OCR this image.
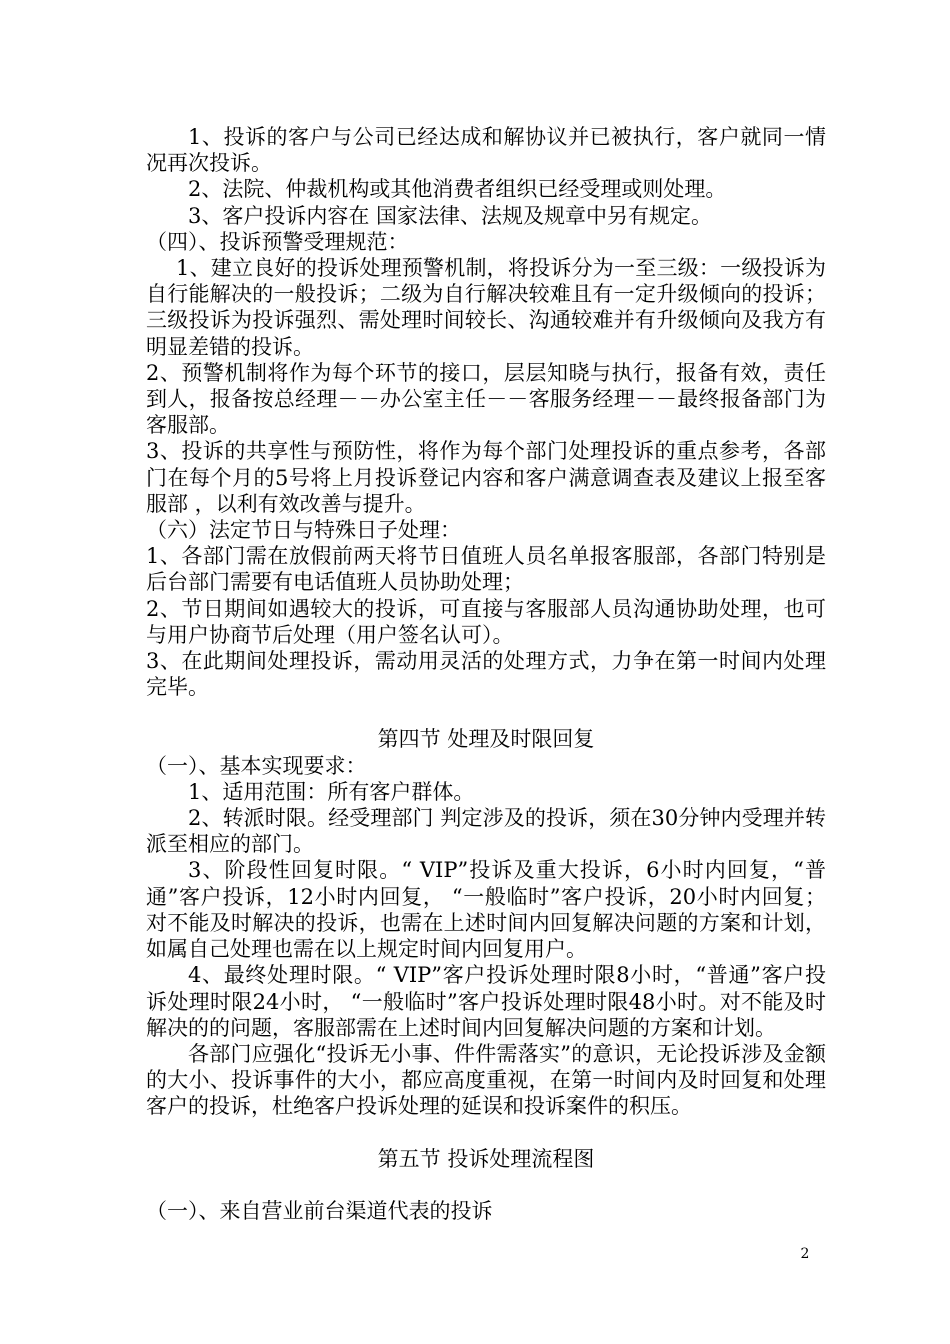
1、投诉的客户与公司已经达成和解协议并已被执行，客户就同一情况再次投诉。

2、法院、仲裁机构或其他消费者组织已经受理或则处理。

3、客户投诉内容在 国家法律、法规及规章中另有规定。

（四）、投诉预警受理规范：

1、建立良好的投诉处理预警机制，将投诉分为一至三级：一级投诉为自行能解决的一般投诉；二级为自行解决较难且有一定升级倾向的投诉；三级投诉为投诉强烈、需处理时间较长、沟通较难并有升级倾向及我方有明显差错的投诉。

2、预警机制将作为每个环节的接口，层层知晓与执行，报备有效，责任到人，报备按总经理－－办公室主任－－客服务经理－－最终报备部门为客服部。

3、投诉的共享性与预防性，将作为每个部门处理投诉的重点参考，各部门在每个月的5号将上月投诉登记内容和客户满意调查表及建议上报至客服部 ，以利有效改善与提升。

（六）法定节日与特殊日子处理：

1、各部门需在放假前两天将节日值班人员名单报客服部，各部门特别是后台部门需要有电话值班人员协助处理；

2、节日期间如遇较大的投诉，可直接与客服部人员沟通协助处理，也可与用户协商节后处理（用户签名认可）。

3、在此期间处理投诉，需动用灵活的处理方式，力争在第一时间内处理完毕。

第四节 处理及时限回复

（一）、基本实现要求：

1、适用范围：所有客户群体。

2、转派时限。经受理部门 判定涉及的投诉，须在30分钟内受理并转派至相应的部门。

3、阶段性回复时限。“ VIP”投诉及重大投诉，6小时内回复，“普通”客户投诉，12小时内回复， “一般临时”客户投诉，20小时内回复；对不能及时解决的投诉，也需在上述时间内回复解决问题的方案和计划，如属自己处理也需在以上规定时间内回复用户。

4、最终处理时限。“ VIP”客户投诉处理时限8小时，“普通”客户投诉处理时限24小时， “一般临时”客户投诉处理时限48小时。对不能及时解决的的问题，客服部需在上述时间内回复解决问题的方案和计划。

各部门应强化“投诉无小事、件件需落实”的意识，无论投诉涉及金额的大小、投诉事件的大小，都应高度重视，在第一时间内及时回复和处理客户的投诉，杜绝客户投诉处理的延误和投诉案件的积压。

第五节 投诉处理流程图

（一）、来自营业前台渠道代表的投诉

2
